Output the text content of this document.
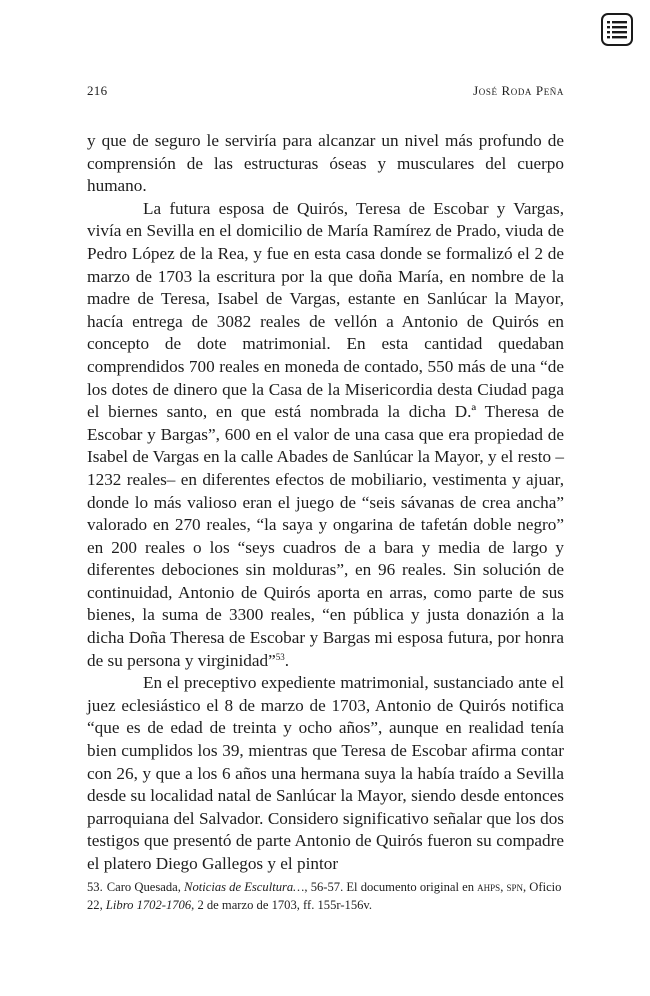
216	José Roda Peña

y que de seguro le serviría para alcanzar un nivel más profundo de comprensión de las estructuras óseas y musculares del cuerpo humano.

La futura esposa de Quirós, Teresa de Escobar y Vargas, vivía en Sevilla en el domicilio de María Ramírez de Prado, viuda de Pedro López de la Rea, y fue en esta casa donde se formalizó el 2 de marzo de 1703 la escritura por la que doña María, en nombre de la madre de Teresa, Isabel de Vargas, estante en Sanlúcar la Mayor, hacía entrega de 3082 reales de vellón a Antonio de Quirós en concepto de dote matrimonial. En esta cantidad quedaban comprendidos 700 reales en moneda de contado, 550 más de una “de los dotes de dinero que la Casa de la Misericordia desta Ciudad paga el biernes santo, en que está nombrada la dicha D.ª Theresa de Escobar y Bargas”, 600 en el valor de una casa que era propiedad de Isabel de Vargas en la calle Abades de Sanlúcar la Mayor, y el resto –1232 reales– en diferentes efectos de mobiliario, vestimenta y ajuar, donde lo más valioso eran el juego de “seis sávanas de crea ancha” valorado en 270 reales, “la saya y ongarina de tafetán doble negro” en 200 reales o los “seys cuadros de a bara y media de largo y diferentes debociones sin molduras”, en 96 reales. Sin solución de continuidad, Antonio de Quirós aporta en arras, como parte de sus bienes, la suma de 3300 reales, “en pública y justa donazión a la dicha Doña Theresa de Escobar y Bargas mi esposa futura, por honra de su persona y virginidad”$^{53}$.

En el preceptivo expediente matrimonial, sustanciado ante el juez eclesiástico el 8 de marzo de 1703, Antonio de Quirós notifica “que es de edad de treinta y ocho años”, aunque en realidad tenía bien cumplidos los 39, mientras que Teresa de Escobar afirma contar con 26, y que a los 6 años una hermana suya la había traído a Sevilla desde su localidad natal de Sanlúcar la Mayor, siendo desde entonces parroquiana del Salvador. Considero significativo señalar que los dos testigos que presentó de parte Antonio de Quirós fueron su compadre el platero Diego Gallegos y el pintor

53. Caro Quesada, Noticias de Escultura…, 56-57. El documento original en ahps, spn, Oficio 22, Libro 1702-1706, 2 de marzo de 1703, ff. 155r-156v.
